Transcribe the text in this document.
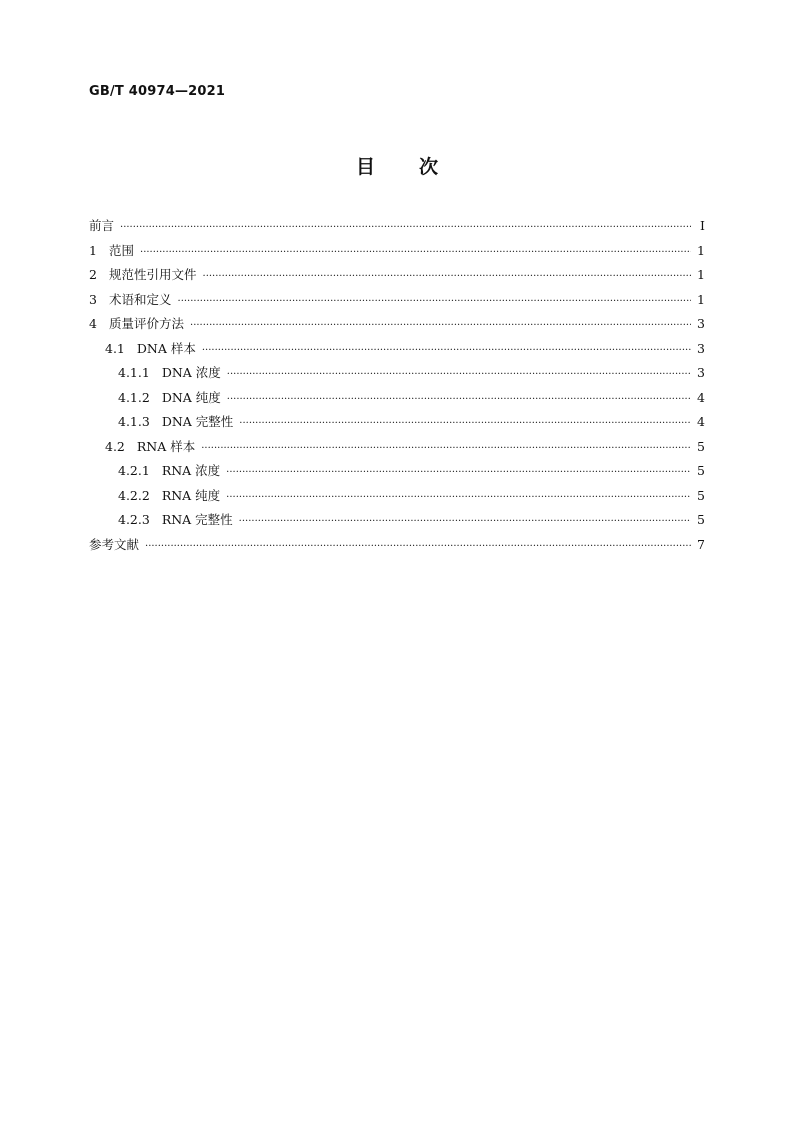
GB/T 40974—2021
目 次
前言 ·····	Ⅰ
1 范围 ·····	1
2 规范性引用文件 ·····	1
3 术语和定义 ·····	1
4 质量评价方法 ·····	3
4.1 DNA 样本 ·····	3
4.1.1 DNA 浓度 ·····	3
4.1.2 DNA 纯度 ·····	4
4.1.3 DNA 完整性 ·····	4
4.2 RNA 样本 ·····	5
4.2.1 RNA 浓度 ·····	5
4.2.2 RNA 纯度 ·····	5
4.2.3 RNA 完整性 ·····	5
参考文献 ·····	7
